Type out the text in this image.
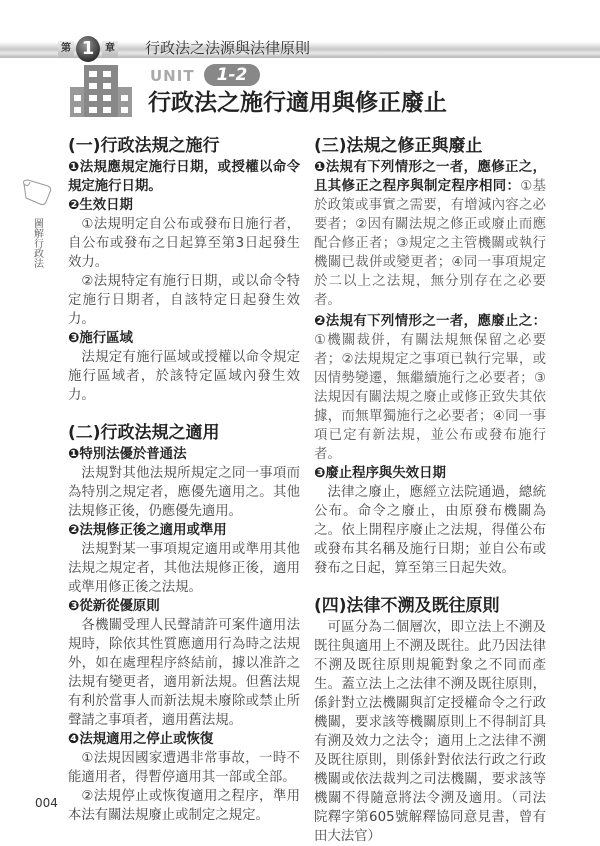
第 1	章 行政法之法源與法律原則
UNIT	1-2
行政法之施行適用與修正廢止
圖解行政法
(一)行政法規之施行

❶法規應規定施行日期，或授權以命令規定施行日期。

❷生效日期

①法規明定自公布或發布日施行者，自公布或發布之日起算至第3日起發生效力。

②法規特定有施行日期，或以命令特定施行日期者，自該特定日起發生效力。

❸施行區域

法規定有施行區域或授權以命令規定施行區域者，於該特定區域內發生效力。

(二)行政法規之適用

❶特別法優於普通法

法規對其他法規所規定之同一事項而為特別之規定者，應優先適用之。其他法規修正後，仍應優先適用。

❷法規修正後之適用或準用

法規對某一事項規定適用或準用其他法規之規定者，其他法規修正後，適用或準用修正後之法規。

❸從新從優原則

各機關受理人民聲請許可案件適用法規時，除依其性質應適用行為時之法規外，如在處理程序終結前，據以准許之法規有變更者，適用新法規。但舊法規有利於當事人而新法規未廢除或禁止所聲請之事項者，適用舊法規。

❹法規適用之停止或恢復

①法規因國家遭遇非常事故，一時不能適用者，得暫停適用其一部或全部。

②法規停止或恢復適用之程序，準用本法有關法規廢止或制定之規定。

(三)法規之修正與廢止

❶法規有下列情形之一者，應修正之，且其修正之程序與制定程序相同：①基於政策或事實之需要，有增減內容之必要者；②因有關法規之修正或廢止而應配合修正者；③規定之主管機關或執行機關已裁併或變更者；④同一事項規定於二以上之法規，無分別存在之必要者。

❷法規有下列情形之一者，應廢止之：①機關裁併，有關法規無保留之必要者；②法規規定之事項已執行完畢，或因情勢變遷，無繼續施行之必要者；③法規因有關法規之廢止或修正致失其依據，而無單獨施行之必要者；④同一事項已定有新法規，並公布或發布施行者。

❸廢止程序與失效日期

法律之廢止，應經立法院通過，總統公布。命令之廢止，由原發布機關為之。依上開程序廢止之法規，得僅公布或發布其名稱及施行日期；並自公布或發布之日起，算至第三日起失效。

(四)法律不溯及既往原則

可區分為二個層次，即立法上不溯及既往與適用上不溯及既往。此乃因法律不溯及既往原則規範對象之不同而產生。蓋立法上之法律不溯及既往原則，係針對立法機關與訂定授權命令之行政機關，要求該等機關原則上不得制訂具有溯及效力之法令；適用上之法律不溯及既往原則，則係針對依法行政之行政機關或依法裁判之司法機關，要求該等機關不得隨意將法令溯及適用。（司法院釋字第605號解釋協同意見書，曾有田大法官）

004
